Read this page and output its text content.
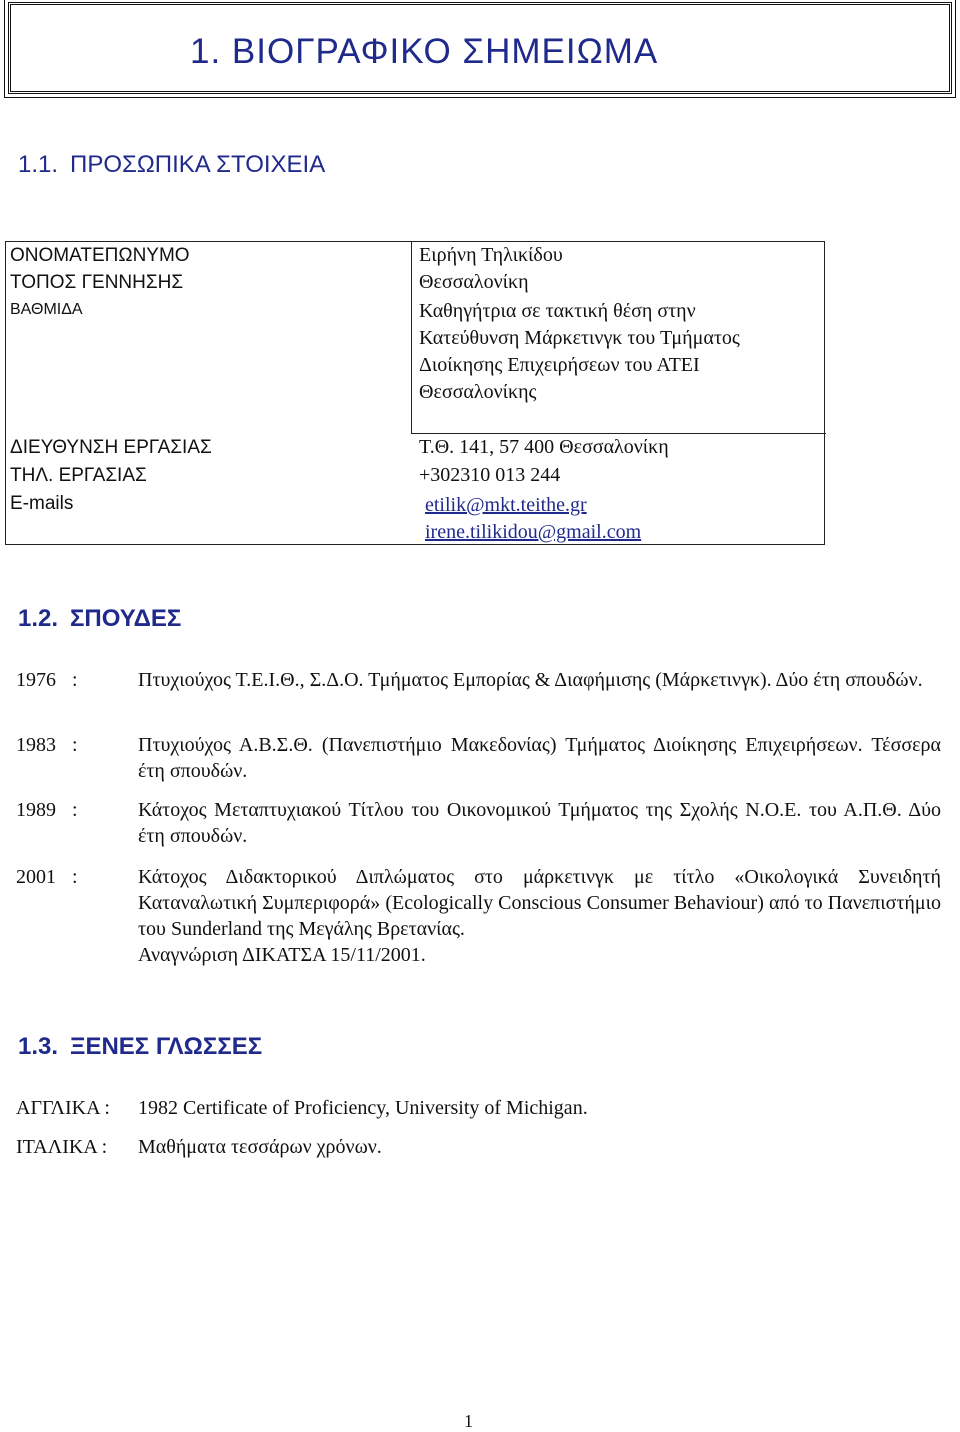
1. ΒΙΟΓΡΑΦΙΚΟ ΣΗΜΕΙΩΜΑ
1.1. ΠΡΟΣΩΠΙΚΑ ΣΤΟΙΧΕΙΑ
ΟΝΟΜΑΤΕΠΩΝΥΜΟ	Ειρήνη Τηλικίδου
ΤΟΠΟΣ ΓΕΝΝΗΣΗΣ	Θεσσαλονίκη
ΒΑΘΜΙΔΑ	Καθηγήτρια σε τακτική θέση στην
Κατεύθυνση Μάρκετινγκ του Τμήματος
Διοίκησης Επιχειρήσεων του ΑΤΕΙ
Θεσσαλονίκης
ΔΙΕΥΘΥΝΣΗ ΕΡΓΑΣΙΑΣ	Τ.Θ. 141, 57 400 Θεσσαλονίκη
ΤΗΛ. ΕΡΓΑΣΙΑΣ	+302310 013 244
E-mails	etilik@mkt.teithe.gr
irene.tilikidou@gmail.com
1.2. ΣΠΟΥΔΕΣ
1976 :	Πτυχιούχος Τ.Ε.Ι.Θ., Σ.Δ.Ο. Τμήματος Εμπορίας & Διαφήμισης (Μάρκετινγκ). Δύο έτη σπουδών.

1983 :	Πτυχιούχος Α.Β.Σ.Θ. (Πανεπιστήμιο Μακεδονίας) Τμήματος Διοίκησης Επιχειρήσεων. Τέσσερα έτη σπουδών.

1989 :	Κάτοχος Μεταπτυχιακού Τίτλου του Οικονομικού Τμήματος της Σχολής Ν.Ο.Ε. του Α.Π.Θ. Δύο έτη σπουδών.

2001 :	Κάτοχος Διδακτορικού Διπλώματος στο μάρκετινγκ με τίτλο «Οικολογικά Συνειδητή Καταναλωτική Συμπεριφορά» (Ecologically Conscious Consumer Behaviour) από το Πανεπιστήμιο του Sunderland της Μεγάλης Βρετανίας.

Αναγνώριση ΔΙΚΑΤΣΑ 15/11/2001.

1.3. ΞΕΝΕΣ ΓΛΩΣΣΕΣ
ΑΓΓΛΙΚΑ : 1982 Certificate of Proficiency, University of Michigan.
ΙΤΑΛΙΚΑ : Μαθήματα τεσσάρων χρόνων.
1
